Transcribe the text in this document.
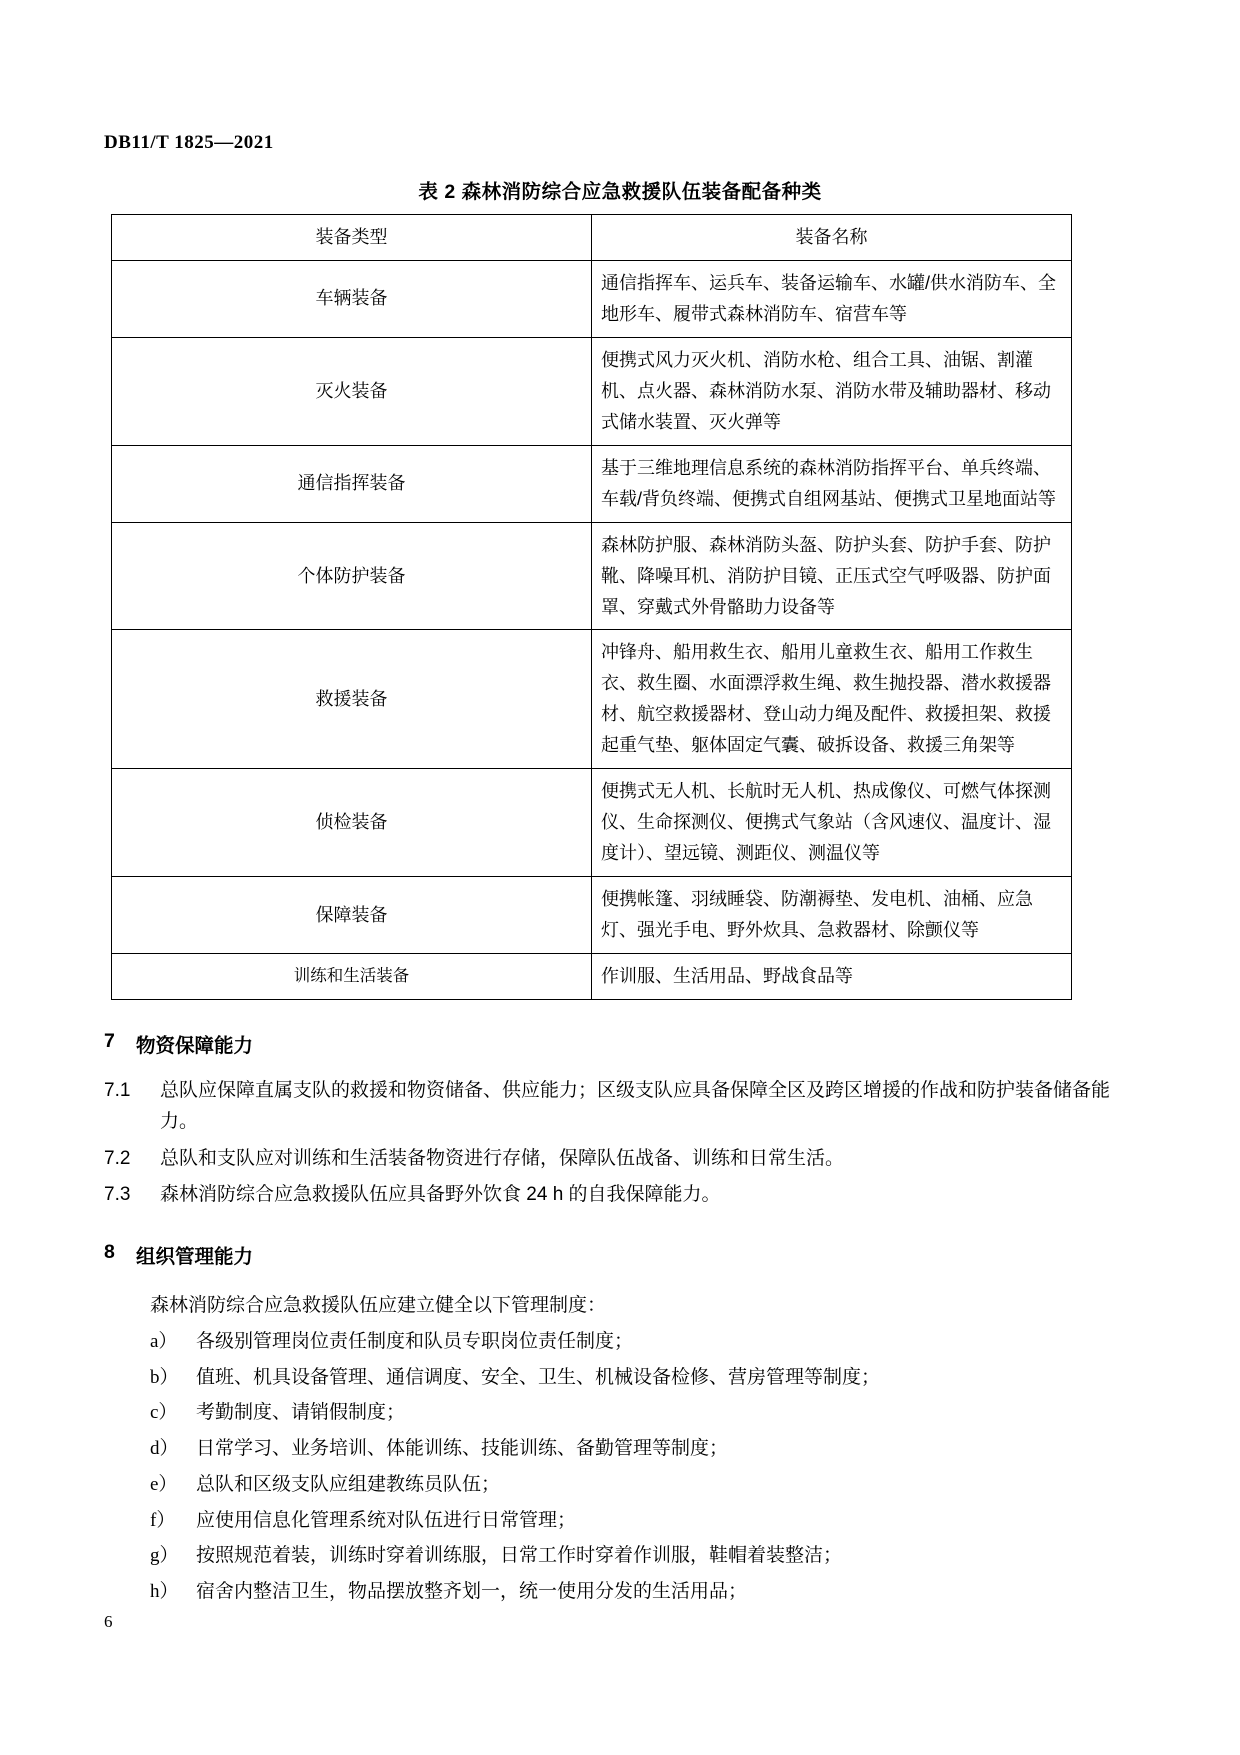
DB11/T 1825—2021
表 2 森林消防综合应急救援队伍装备配备种类
装备类型	装备名称
车辆装备	通信指挥车、运兵车、装备运输车、水罐/供水消防车、全地形车、履带式森林消防车、宿营车等
灭火装备	便携式风力灭火机、消防水枪、组合工具、油锯、割灌机、点火器、森林消防水泵、消防水带及辅助器材、移动式储水装置、灭火弹等
通信指挥装备	基于三维地理信息系统的森林消防指挥平台、单兵终端、车载/背负终端、便携式自组网基站、便携式卫星地面站等
个体防护装备	森林防护服、森林消防头盔、防护头套、防护手套、防护靴、降噪耳机、消防护目镜、正压式空气呼吸器、防护面罩、穿戴式外骨骼助力设备等
救援装备	冲锋舟、船用救生衣、船用儿童救生衣、船用工作救生衣、救生圈、水面漂浮救生绳、救生抛投器、潜水救援器材、航空救援器材、登山动力绳及配件、救援担架、救援起重气垫、躯体固定气囊、破拆设备、救援三角架等
侦检装备	便携式无人机、长航时无人机、热成像仪、可燃气体探测仪、生命探测仪、便携式气象站（含风速仪、温度计、湿度计）、望远镜、测距仪、测温仪等
保障装备	便携帐篷、羽绒睡袋、防潮褥垫、发电机、油桶、应急灯、强光手电、野外炊具、急救器材、除颤仪等
训练和生活装备	作训服、生活用品、野战食品等
7	物资保障能力
7.1	总队应保障直属支队的救援和物资储备、供应能力；区级支队应具备保障全区及跨区增援的作战和防护装备储备能力。
7.2	总队和支队应对训练和生活装备物资进行存储，保障队伍战备、训练和日常生活。
7.3	森林消防综合应急救援队伍应具备野外饮食 24 h 的自我保障能力。
8	组织管理能力
森林消防综合应急救援队伍应建立健全以下管理制度：
a） 各级别管理岗位责任制度和队员专职岗位责任制度；
b） 值班、机具设备管理、通信调度、安全、卫生、机械设备检修、营房管理等制度；
c） 考勤制度、请销假制度；
d） 日常学习、业务培训、体能训练、技能训练、备勤管理等制度；
e） 总队和区级支队应组建教练员队伍；
f）	应使用信息化管理系统对队伍进行日常管理；
g） 按照规范着装，训练时穿着训练服，日常工作时穿着作训服，鞋帽着装整洁；
h） 宿舍内整洁卫生，物品摆放整齐划一，统一使用分发的生活用品；
6
